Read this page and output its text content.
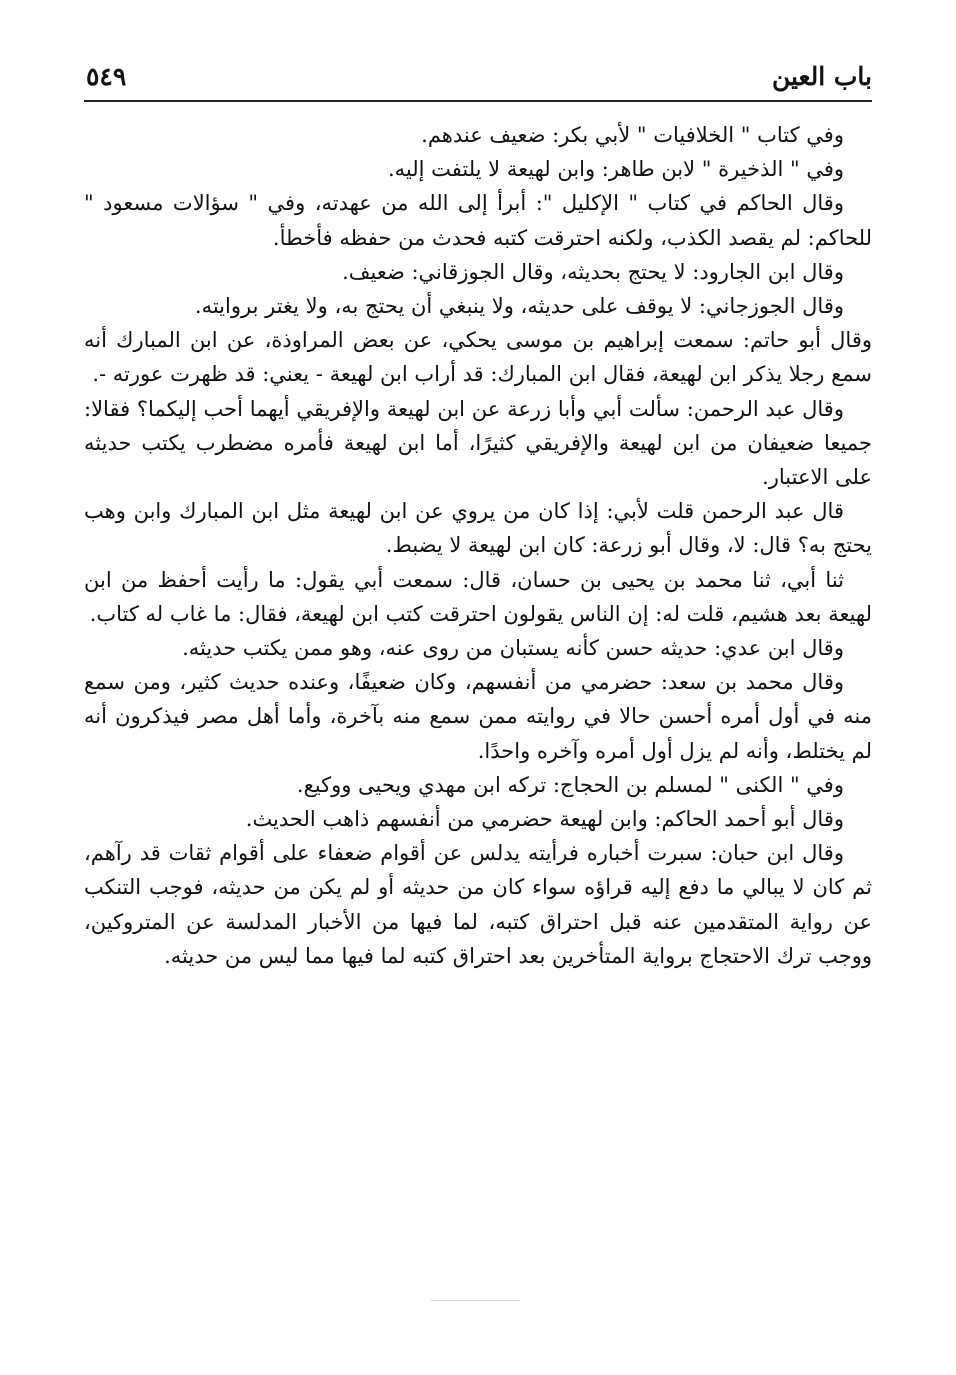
باب العين
٥٤٩

وفي كتاب " الخلافيات " لأبي بكر: ضعيف عندهم.

وفي " الذخيرة " لابن طاهر: وابن لهيعة لا يلتفت إليه.

وقال الحاكم في كتاب " الإكليل ": أبرأ إلى الله من عهدته، وفي " سؤالات مسعود " للحاكم: لم يقصد الكذب، ولكنه احترقت كتبه فحدث من حفظه فأخطأ.

وقال ابن الجارود: لا يحتج بحديثه، وقال الجوزقاني: ضعيف.

وقال الجوزجاني: لا يوقف على حديثه، ولا ينبغي أن يحتج به، ولا يغتر بروايته.

وقال أبو حاتم: سمعت إبراهيم بن موسى يحكي، عن بعض المراوذة، عن ابن المبارك أنه سمع رجلا يذكر ابن لهيعة، فقال ابن المبارك: قد أراب ابن لهيعة - يعني: قد ظهرت عورته -.

وقال عبد الرحمن: سألت أبي وأبا زرعة عن ابن لهيعة والإفريقي أيهما أحب إليكما؟ فقالا: جميعا ضعيفان من ابن لهيعة والإفريقي كثيرًا، أما ابن لهيعة فأمره مضطرب يكتب حديثه على الاعتبار.

قال عبد الرحمن قلت لأبي: إذا كان من يروي عن ابن لهيعة مثل ابن المبارك وابن وهب يحتج به؟ قال: لا، وقال أبو زرعة: كان ابن لهيعة لا يضبط.

ثنا أبي، ثنا محمد بن يحيى بن حسان، قال: سمعت أبي يقول: ما رأيت أحفظ من ابن لهيعة بعد هشيم، قلت له: إن الناس يقولون احترقت كتب ابن لهيعة، فقال: ما غاب له كتاب.

وقال ابن عدي: حديثه حسن كأنه يستبان من روى عنه، وهو ممن يكتب حديثه.

وقال محمد بن سعد: حضرمي من أنفسهم، وكان ضعيفًا، وعنده حديث كثير، ومن سمع منه في أول أمره أحسن حالا في روايته ممن سمع منه بآخرة، وأما أهل مصر فيذكرون أنه لم يختلط، وأنه لم يزل أول أمره وآخره واحدًا.

وفي " الكنى " لمسلم بن الحجاج: تركه ابن مهدي ويحيى ووكيع.

وقال أبو أحمد الحاكم: وابن لهيعة حضرمي من أنفسهم ذاهب الحديث.

وقال ابن حبان: سبرت أخباره فرأيته يدلس عن أقوام ضعفاء على أقوام ثقات قد رآهم، ثم كان لا يبالي ما دفع إليه قراؤه سواء كان من حديثه أو لم يكن من حديثه، فوجب التنكب عن رواية المتقدمين عنه قبل احتراق كتبه، لما فيها من الأخبار المدلسة عن المتروكين، ووجب ترك الاحتجاج برواية المتأخرين بعد احتراق كتبه لما فيها مما ليس من حديثه.
